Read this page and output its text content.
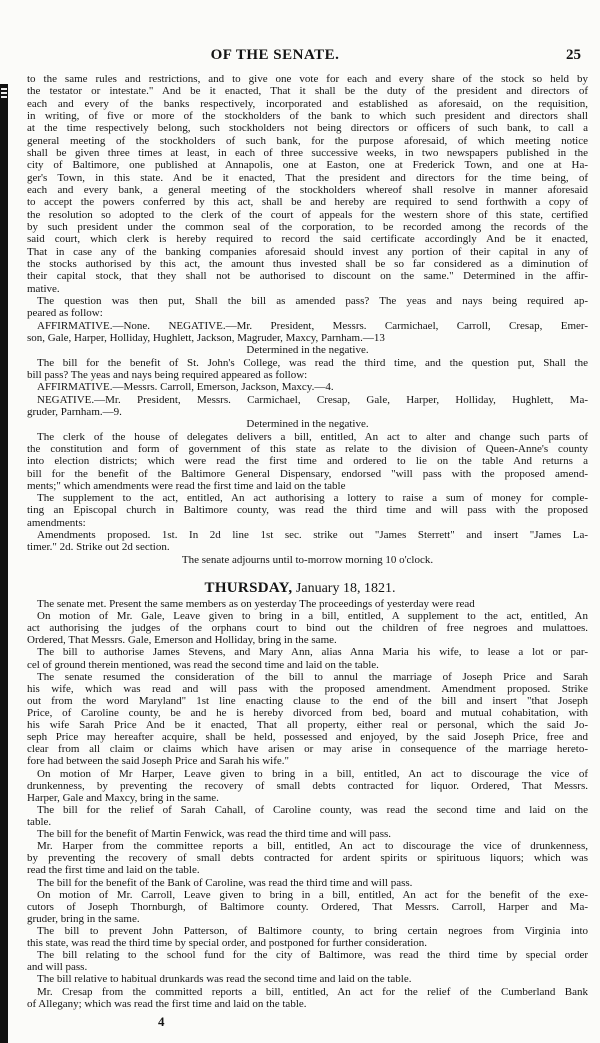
OF THE SENATE.	25
to the same rules and restrictions, and to give one vote for each and every share of the stock so held by
the testator or intestate." And be it enacted, That it shall be the duty of the president and directors of
each and every of the banks respectively, incorporated and established as aforesaid, on the requisition,
in writing, of five or more of the stockholders of the bank to which such president and directors shall
at the time respectively belong, such stockholders not being directors or officers of such bank, to call a
general meeting of the stockholders of such bank, for the purpose aforesaid, of which meeting notice
shall be given three times at least, in each of three successive weeks, in two newspapers published in the
city of Baltimore, one published at Annapolis, one at Easton, one at Frederick Town, and one at Ha-
ger's Town, in this state. And be it enacted, That the president and directors for the time being, of
each and every bank, a general meeting of the stockholders whereof shall resolve in manner aforesaid
to accept the powers conferred by this act, shall be and hereby are required to send forthwith a copy of
the resolution so adopted to the clerk of the court of appeals for the western shore of this state, certified
by such president under the common seal of the corporation, to be recorded among the records of the
said court, which clerk is hereby required to record the said certificate accordingly And be it enacted,
That in case any of the banking companies aforesaid should invest any portion of their capital in any of
the stocks authorised by this act, the amount thus invested shall be so far considered as a diminution of
their capital stock, that they shall not be authorised to discount on the same." Determined in the affir-
mative.
The question was then put, Shall the bill as amended pass? The yeas and nays being required ap-
peared as follow:
AFFIRMATIVE.—None. NEGATIVE.—Mr. President, Messrs. Carmichael, Carroll, Cresap, Emer-
son, Gale, Harper, Holliday, Hughlett, Jackson, Magruder, Maxcy, Parnham.—13
Determined in the negative.
The bill for the benefit of St. John's College, was read the third time, and the question put, Shall the
bill pass? The yeas and nays being required appeared as follow:
AFFIRMATIVE.—Messrs. Carroll, Emerson, Jackson, Maxcy.—4.
NEGATIVE.—Mr. President, Messrs. Carmichael, Cresap, Gale, Harper, Holliday, Hughlett, Ma-
gruder, Parnham.—9.
Determined in the negative.
The clerk of the house of delegates delivers a bill, entitled, An act to alter and change such parts of
the constitution and form of government of this state as relate to the division of Queen-Anne's county
into election districts; which were read the first time and ordered to lie on the table And returns a
bill for the benefit of the Baltimore General Dispensary, endorsed "will pass with the proposed amend-
ments;" which amendments were read the first time and laid on the table
The supplement to the act, entitled, An act authorising a lottery to raise a sum of money for comple-
ting an Episcopal church in Baltimore county, was read the third time and will pass with the proposed
amendments:
Amendments proposed. 1st. In 2d line 1st sec. strike out "James Sterrett" and insert "James La-
timer." 2d. Strike out 2d section.
The senate adjourns until to-morrow morning 10 o'clock.
THURSDAY, January 18, 1821.
The senate met. Present the same members as on yesterday The proceedings of yesterday were read
On motion of Mr. Gale, Leave given to bring in a bill, entitled, A supplement to the act, entitled, An
act authorising the judges of the orphans court to bind out the children of free negroes and mulattoes.
Ordered, That Messrs. Gale, Emerson and Holliday, bring in the same.
The bill to authorise James Stevens, and Mary Ann, alias Anna Maria his wife, to lease a lot or par-
cel of ground therein mentioned, was read the second time and laid on the table.
The senate resumed the consideration of the bill to annul the marriage of Joseph Price and Sarah
his wife, which was read and will pass with the proposed amendment. Amendment proposed. Strike
out from the word Maryland" 1st line enacting clause to the end of the bill and insert "that Joseph
Price, of Caroline county, be and he is hereby divorced from bed, board and mutual cohabitation, with
his wife Sarah Price And be it enacted, That all property, either real or personal, which the said Jo-
seph Price may hereafter acquire, shall be held, possessed and enjoyed, by the said Joseph Price, free and
clear from all claim or claims which have arisen or may arise in consequence of the marriage hereto-
fore had between the said Joseph Price and Sarah his wife."
On motion of Mr Harper, Leave given to bring in a bill, entitled, An act to discourage the vice of
drunkenness, by preventing the recovery of small debts contracted for liquor. Ordered, That Messrs.
Harper, Gale and Maxcy, bring in the same.
The bill for the relief of Sarah Cahall, of Caroline county, was read the second time and laid on the
table.
The bill for the benefit of Martin Fenwick, was read the third time and will pass.
Mr. Harper from the committee reports a bill, entitled, An act to discourage the vice of drunkenness,
by preventing the recovery of small debts contracted for ardent spirits or spirituous liquors; which was
read the first time and laid on the table.
The bill for the benefit of the Bank of Caroline, was read the third time and will pass.
On motion of Mr. Carroll, Leave given to bring in a bill, entitled, An act for the benefit of the exe-
cutors of Joseph Thornburgh, of Baltimore county. Ordered, That Messrs. Carroll, Harper and Ma-
gruder, bring in the same.
The bill to prevent John Patterson, of Baltimore county, to bring certain negroes from Virginia into
this state, was read the third time by special order, and postponed for further consideration.
The bill relating to the school fund for the city of Baltimore, was read the third time by special order
and will pass.
The bill relative to habitual drunkards was read the second time and laid on the table.
Mr. Cresap from the committed reports a bill, entitled, An act for the relief of the Cumberland Bank
of Allegany; which was read the first time and laid on the table.
4
